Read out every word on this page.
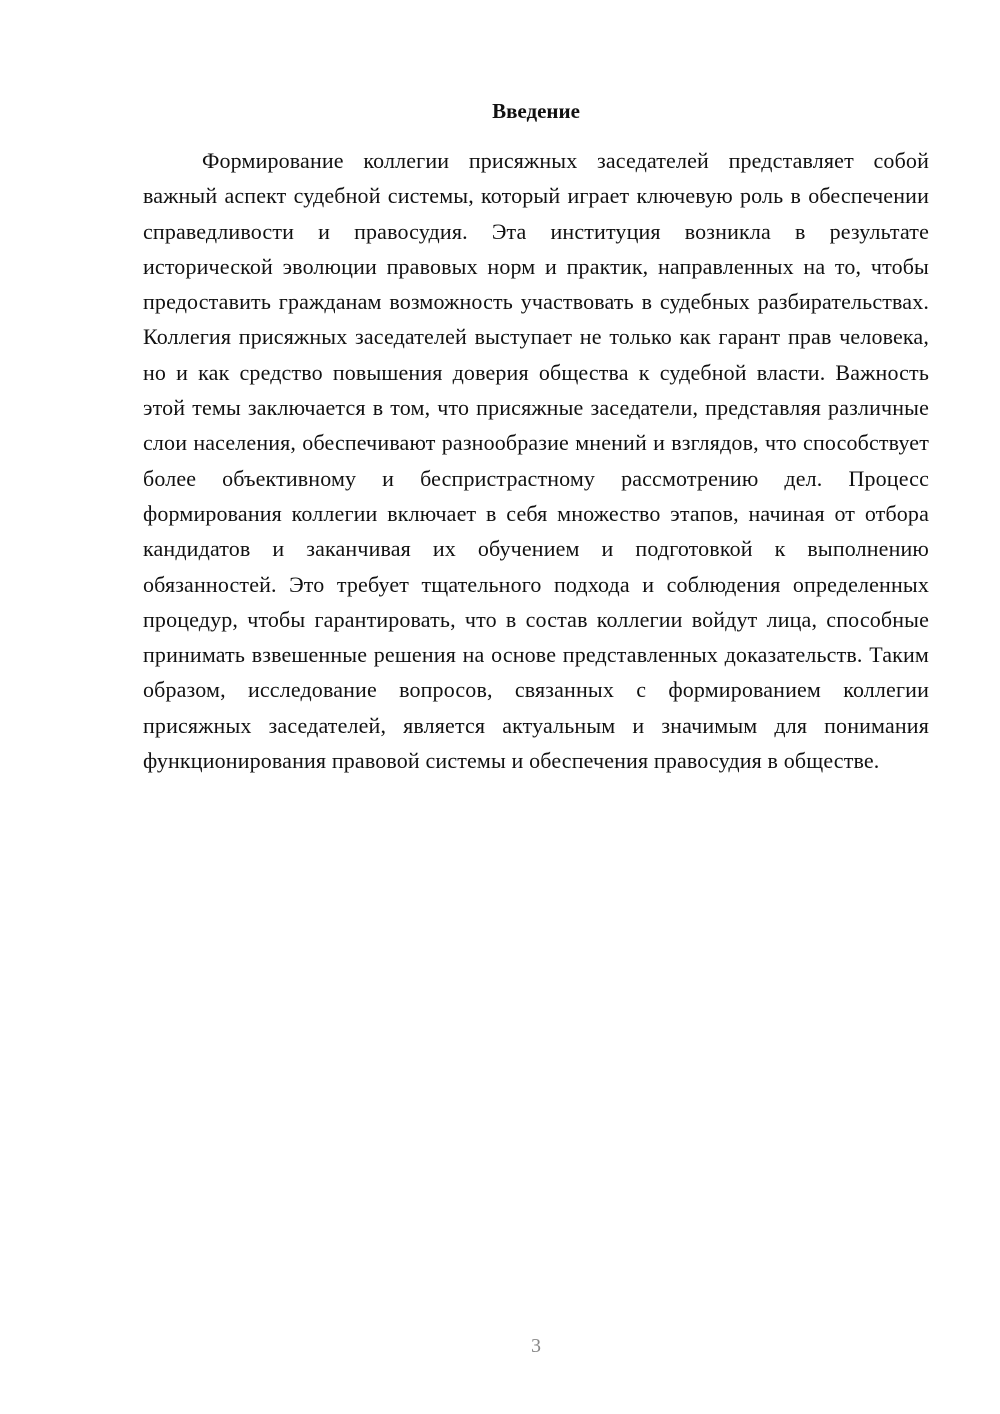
Введение

Формирование коллегии присяжных заседателей представляет собой важный аспект судебной системы, который играет ключевую роль в обеспечении справедливости и правосудия. Эта институция возникла в результате исторической эволюции правовых норм и практик, направленных на то, чтобы предоставить гражданам возможность участвовать в судебных разбирательствах. Коллегия присяжных заседателей выступает не только как гарант прав человека, но и как средство повышения доверия общества к судебной власти. Важность этой темы заключается в том, что присяжные заседатели, представляя различные слои населения, обеспечивают разнообразие мнений и взглядов, что способствует более объективному и беспристрастному рассмотрению дел. Процесс формирования коллегии включает в себя множество этапов, начиная от отбора кандидатов и заканчивая их обучением и подготовкой к выполнению обязанностей. Это требует тщательного подхода и соблюдения определенных процедур, чтобы гарантировать, что в состав коллегии войдут лица, способные принимать взвешенные решения на основе представленных доказательств. Таким образом, исследование вопросов, связанных с формированием коллегии присяжных заседателей, является актуальным и значимым для понимания функционирования правовой системы и обеспечения правосудия в обществе.

3
